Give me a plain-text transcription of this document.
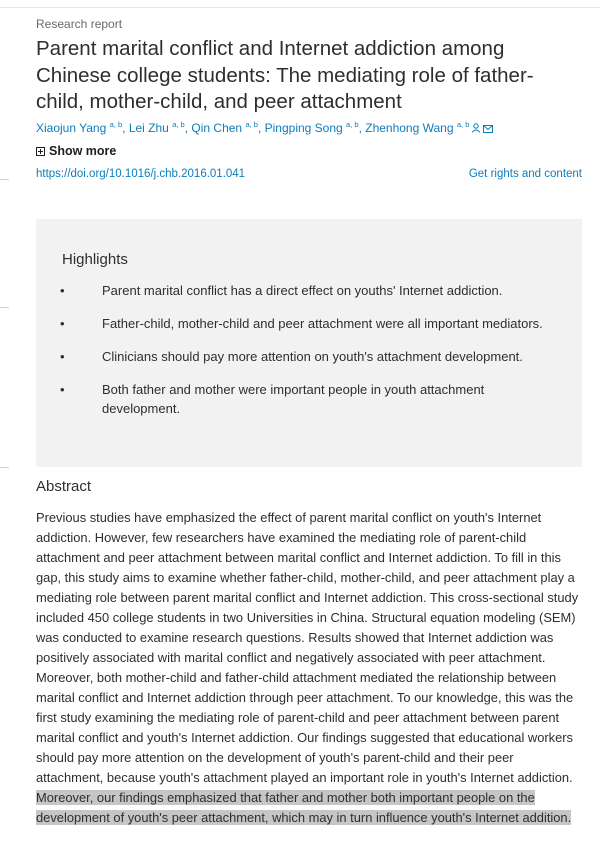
Research report
Parent marital conflict and Internet addiction among Chinese college students: The mediating role of father-child, mother-child, and peer attachment
Xiaojun Yang $^{a, b}$, Lei Zhu $^{a, b}$, Qin Chen $^{a, b}$, Pingping Song $^{a, b}$, Zhenhong Wang $^{a, b}$
Show more
https://doi.org/10.1016/j.chb.2016.01.041	Get rights and content
Highlights
•	Parent marital conflict has a direct effect on youths' Internet addiction.
•	Father-child, mother-child and peer attachment were all important mediators.
•	Clinicians should pay more attention on youth's attachment development.
•	Both father and mother were important people in youth attachment development.
Abstract

Previous studies have emphasized the effect of parent marital conflict on youth's Internet addiction. However, few researchers have examined the mediating role of parent-child attachment and peer attachment between marital conflict and Internet addiction. To fill in this gap, this study aims to examine whether father-child, mother-child, and peer attachment play a mediating role between parent marital conflict and Internet addiction. This cross-sectional study included 450 college students in two Universities in China. Structural equation modeling (SEM) was conducted to examine research questions. Results showed that Internet addiction was positively associated with marital conflict and negatively associated with peer attachment. Moreover, both mother-child and father-child attachment mediated the relationship between marital conflict and Internet addiction through peer attachment. To our knowledge, this was the first study examining the mediating role of parent-child and peer attachment between parent marital conflict and youth's Internet addiction. Our findings suggested that educational workers should pay more attention on the development of youth's parent-child and their peer attachment, because youth's attachment played an important role in youth's Internet addiction. Moreover, our findings emphasized that father and mother both important people on the development of youth's peer attachment, which may in turn influence youth's Internet addition.
